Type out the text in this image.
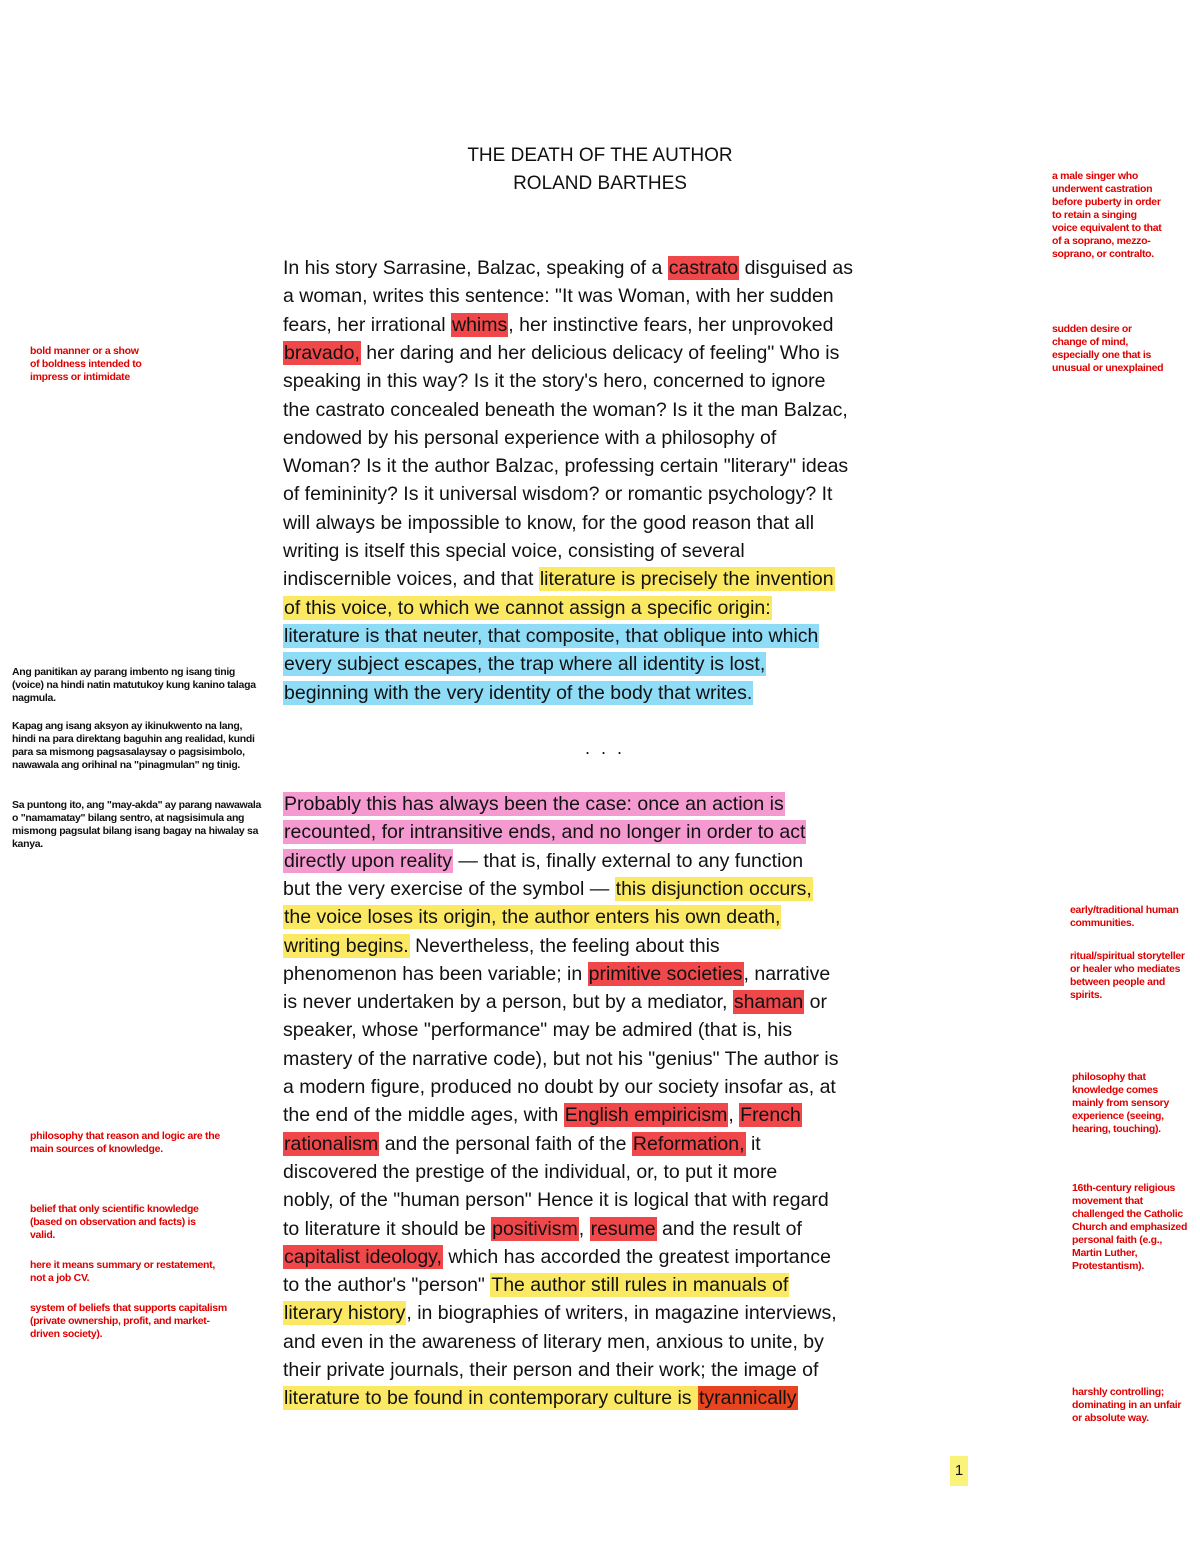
THE DEATH OF THE AUTHOR
ROLAND BARTHES
In his story Sarrasine, Balzac, speaking of a castrato disguised as
a woman, writes this sentence: "It was Woman, with her sudden
fears, her irrational whims, her instinctive fears, her unprovoked
bravado, her daring and her delicious delicacy of feeling" Who is
speaking in this way? Is it the story's hero, concerned to ignore
the castrato concealed beneath the woman? Is it the man Balzac,
endowed by his personal experience with a philosophy of
Woman? Is it the author Balzac, professing certain "literary" ideas
of femininity? Is it universal wisdom? or romantic psychology? It
will always be impossible to know, for the good reason that all
writing is itself this special voice, consisting of several
indiscernible voices, and that literature is precisely the invention
of this voice, to which we cannot assign a specific origin:
literature is that neuter, that composite, that oblique into which
every subject escapes, the trap where all identity is lost,
beginning with the very identity of the body that writes.
Probably this has always been the case: once an action is
recounted, for intransitive ends, and no longer in order to act
directly upon reality — that is, finally external to any function
but the very exercise of the symbol — this disjunction occurs,
the voice loses its origin, the author enters his own death,
writing begins. Nevertheless, the feeling about this
phenomenon has been variable; in primitive societies, narrative
is never undertaken by a person, but by a mediator, shaman or
speaker, whose "performance" may be admired (that is, his
mastery of the narrative code), but not his "genius" The author is
a modern figure, produced no doubt by our society insofar as, at
the end of the middle ages, with English empiricism, French
rationalism and the personal faith of the Reformation, it
discovered the prestige of the individual, or, to put it more
nobly, of the "human person" Hence it is logical that with regard
to literature it should be positivism, resume and the result of
capitalist ideology, which has accorded the greatest importance
to the author's "person" The author still rules in manuals of
literary history, in biographies of writers, in magazine interviews,
and even in the awareness of literary men, anxious to unite, by
their private journals, their person and their work; the image of
literature to be found in contemporary culture is tyrannically
. . .
a male singer who underwent castration before puberty in order to retain a singing voice equivalent to that of a soprano, mezzo-soprano, or contralto.
sudden desire or change of mind, especially one that is unusual or unexplained
bold manner or a show of boldness intended to impress or intimidate
Ang panitikan ay parang imbento ng isang tinig (voice) na hindi natin matutukoy kung kanino talaga nagmula.
Kapag ang isang aksyon ay ikinukwento na lang, hindi na para direktang baguhin ang realidad, kundi para sa mismong pagsasalaysay o pagsisimbolo, nawawala ang orihinal na "pinagmulan" ng tinig.
Sa puntong ito, ang "may-akda" ay parang nawawala o "namamatay" bilang sentro, at nagsisimula ang mismong pagsulat bilang isang bagay na hiwalay sa kanya.
early/traditional human communities.
ritual/spiritual storyteller or healer who mediates between people and spirits.
philosophy that knowledge comes mainly from sensory experience (seeing, hearing, touching).
philosophy that reason and logic are the main sources of knowledge.
16th-century religious movement that challenged the Catholic Church and emphasized personal faith (e.g., Martin Luther, Protestantism).
belief that only scientific knowledge (based on observation and facts) is valid.
here it means summary or restatement, not a job CV.
system of beliefs that supports capitalism (private ownership, profit, and market-driven society).
harshly controlling; dominating in an unfair or absolute way.
1
